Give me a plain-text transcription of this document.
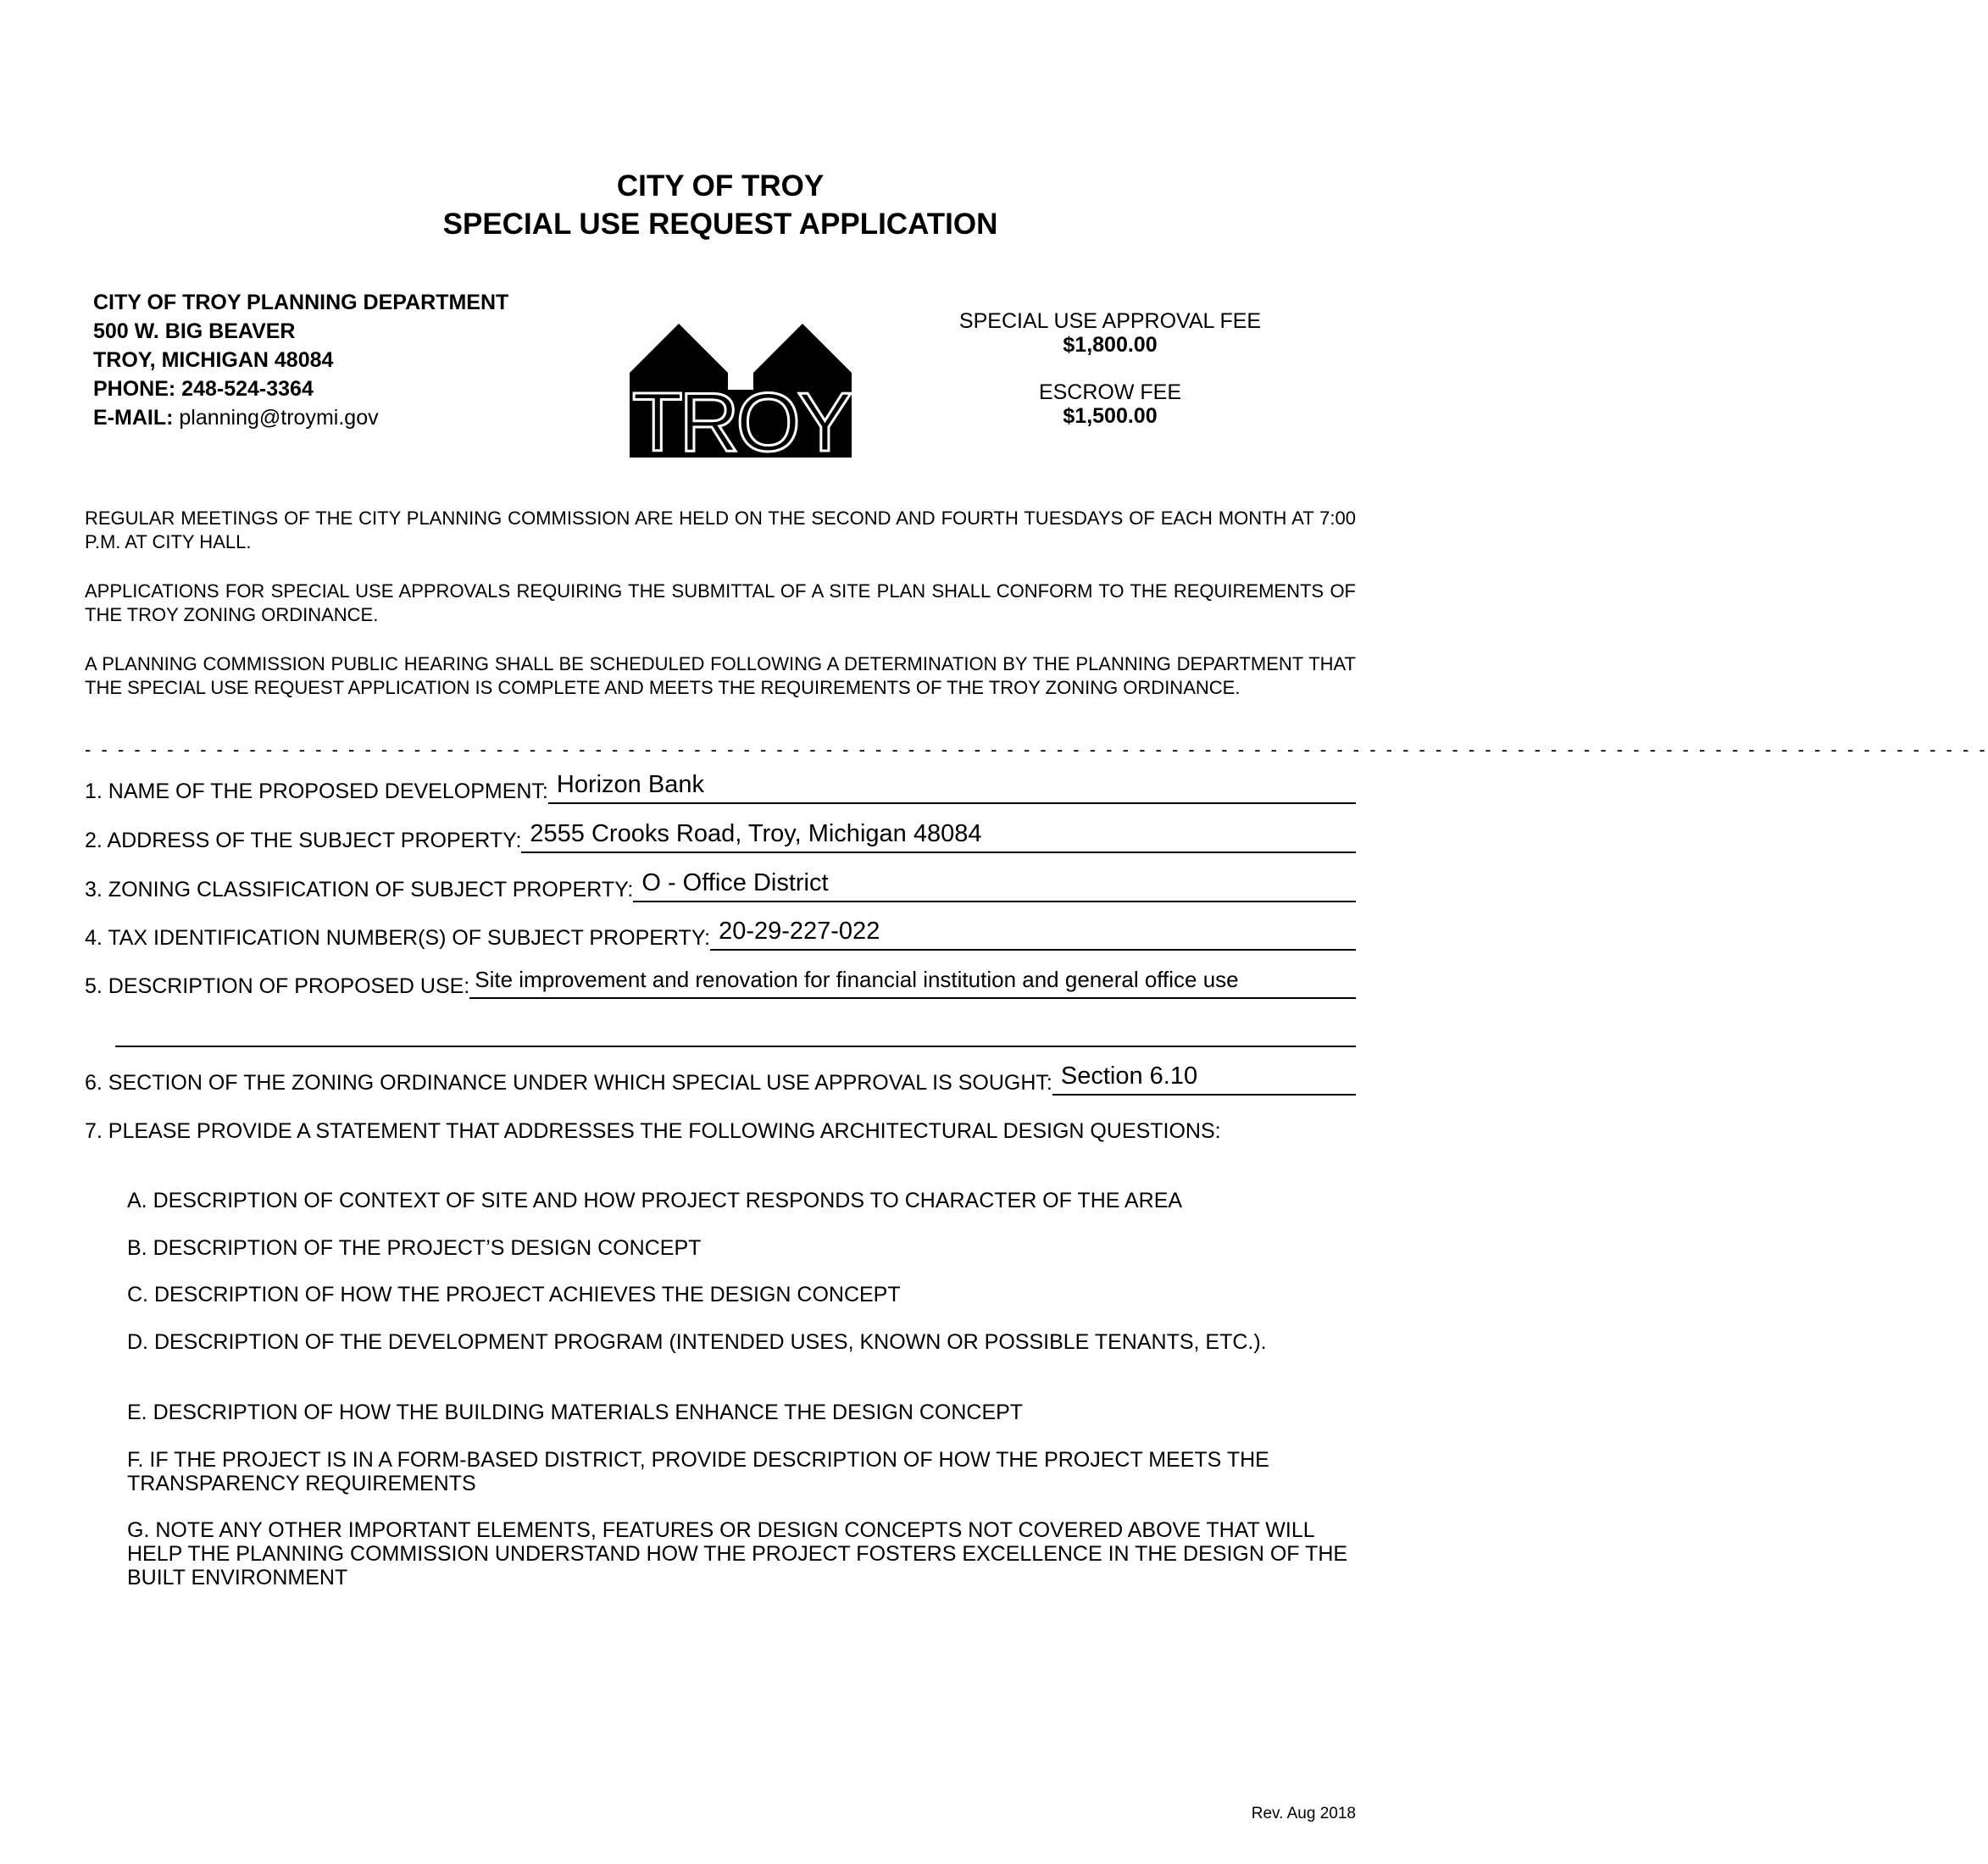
CITY OF TROY
SPECIAL USE REQUEST APPLICATION
CITY OF TROY PLANNING DEPARTMENT
500 W. BIG BEAVER
TROY, MICHIGAN 48084
PHONE: 248-524-3364
E-MAIL: planning@troymi.gov	TROY
SPECIAL USE APPROVAL FEE
$1,800.00
ESCROW FEE
$1,500.00
REGULAR MEETINGS OF THE CITY PLANNING COMMISSION ARE HELD ON THE SECOND AND FOURTH TUESDAYS OF EACH MONTH AT 7:00 P.M. AT CITY HALL.
APPLICATIONS FOR SPECIAL USE APPROVALS REQUIRING THE SUBMITTAL OF A SITE PLAN SHALL CONFORM TO THE REQUIREMENTS OF THE TROY ZONING ORDINANCE.
A PLANNING COMMISSION PUBLIC HEARING SHALL BE SCHEDULED FOLLOWING A DETERMINATION BY THE PLANNING DEPARTMENT THAT THE SPECIAL USE REQUEST APPLICATION IS COMPLETE AND MEETS THE REQUIREMENTS OF THE TROY ZONING ORDINANCE.
- - - - - - - - - - - - - - - - - - - - - - - - - - - - - - - - - - - - - - - - - - - - - - - - - - - - - - - - - - - - - - - - - - - - - - - - - - - - - - - - - - - - - - - - - - - - - - - - - - - - - - - - - - - - - - - - - - - -
1. NAME OF THE PROPOSED DEVELOPMENT: Horizon Bank
2. ADDRESS OF THE SUBJECT PROPERTY: 2555 Crooks Road, Troy, Michigan 48084
3. ZONING CLASSIFICATION OF SUBJECT PROPERTY: O - Office District
4. TAX IDENTIFICATION NUMBER(S) OF SUBJECT PROPERTY: 20-29-227-022
5. DESCRIPTION OF PROPOSED USE: Site improvement and renovation for financial institution and general office use
6. SECTION OF THE ZONING ORDINANCE UNDER WHICH SPECIAL USE APPROVAL IS SOUGHT: Section 6.10
7. PLEASE PROVIDE A STATEMENT THAT ADDRESSES THE FOLLOWING ARCHITECTURAL DESIGN QUESTIONS:
A. DESCRIPTION OF CONTEXT OF SITE AND HOW PROJECT RESPONDS TO CHARACTER OF THE AREA
B. DESCRIPTION OF THE PROJECT’S DESIGN CONCEPT
C. DESCRIPTION OF HOW THE PROJECT ACHIEVES THE DESIGN CONCEPT
D. DESCRIPTION OF THE DEVELOPMENT PROGRAM (INTENDED USES, KNOWN OR POSSIBLE TENANTS, ETC.).
E. DESCRIPTION OF HOW THE BUILDING MATERIALS ENHANCE THE DESIGN CONCEPT
F. IF THE PROJECT IS IN A FORM-BASED DISTRICT, PROVIDE DESCRIPTION OF HOW THE PROJECT MEETS THE TRANSPARENCY REQUIREMENTS
G. NOTE ANY OTHER IMPORTANT ELEMENTS, FEATURES OR DESIGN CONCEPTS NOT COVERED ABOVE THAT WILL HELP THE PLANNING COMMISSION UNDERSTAND HOW THE PROJECT FOSTERS EXCELLENCE IN THE DESIGN OF THE BUILT ENVIRONMENT
Rev. Aug 2018
